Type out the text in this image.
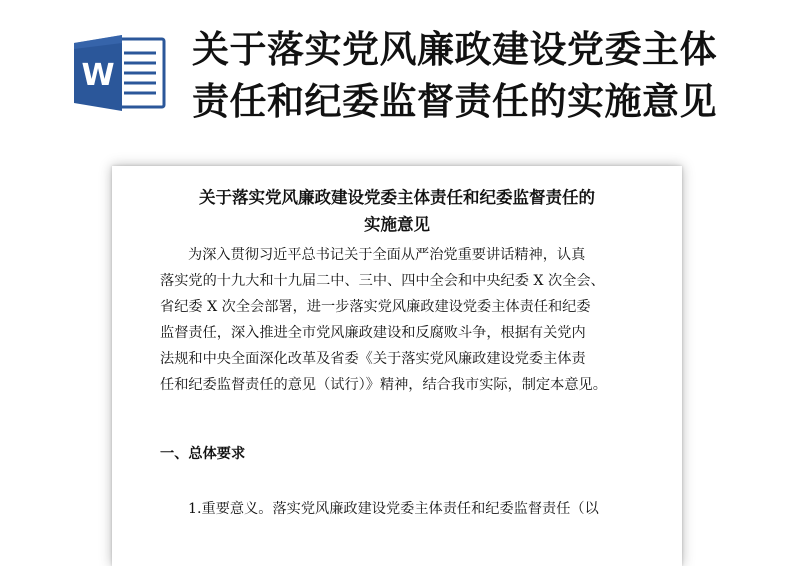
W
关于落实党风廉政建设党委主体
责任和纪委监督责任的实施意见
关于落实党风廉政建设党委主体责任和纪委监督责任的
实施意见
为深入贯彻习近平总书记关于全面从严治党重要讲话精神，认真
落实党的十九大和十九届二中、三中、四中全会和中央纪委 X 次全会、
省纪委 X 次全会部署，进一步落实党风廉政建设党委主体责任和纪委
监督责任，深入推进全市党风廉政建设和反腐败斗争，根据有关党内
法规和中央全面深化改革及省委《关于落实党风廉政建设党委主体责
任和纪委监督责任的意见（试行）》精神，结合我市实际，制定本意见。
一、总体要求
1.重要意义。落实党风廉政建设党委主体责任和纪委监督责任（以
